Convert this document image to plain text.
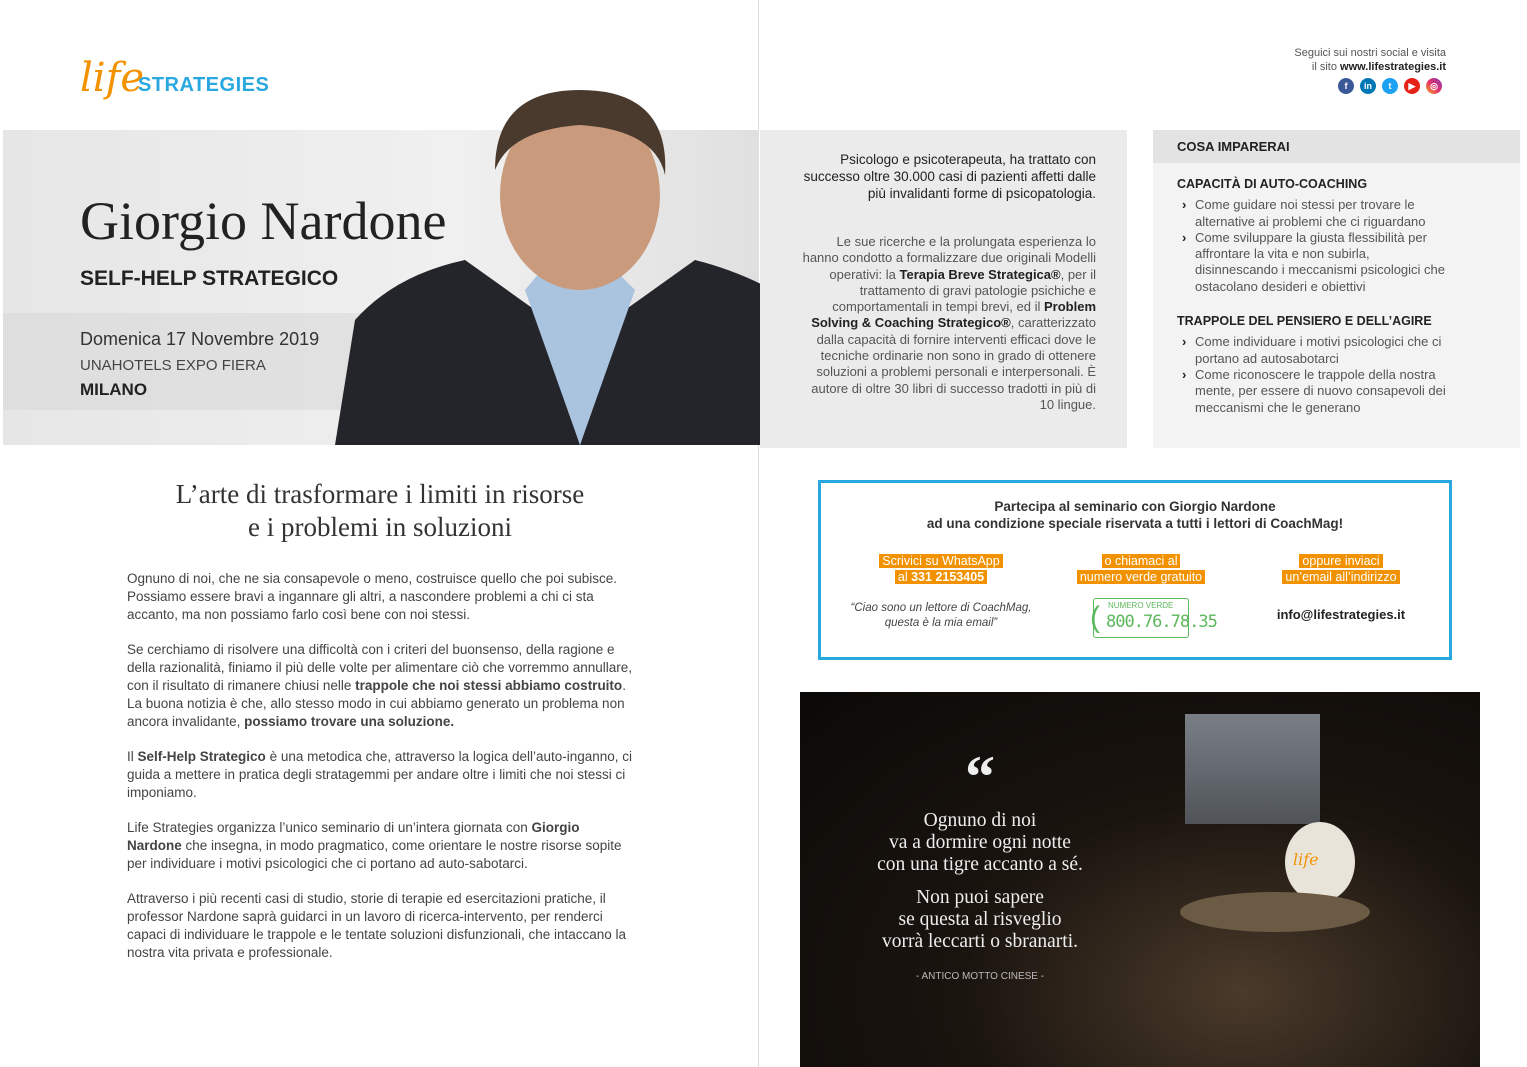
life
STRATEGIES
Giorgio Nardone
SELF-HELP STRATEGICO
Domenica 17 Novembre 2019
UNAHOTELS EXPO FIERA
MILANO
L’arte di trasformare i limiti in risorse
e i problemi in soluzioni

Ognuno di noi, che ne sia consapevole o meno, costruisce quello che poi subisce. Possiamo essere bravi a ingannare gli altri, a nascondere problemi a chi ci sta accanto, ma non possiamo farlo così bene con noi stessi.

Se cerchiamo di risolvere una difficoltà con i criteri del buonsenso, della ragione e della razionalità, finiamo il più delle volte per alimentare ciò che vorremmo annullare, con il risultato di rimanere chiusi nelle trappole che noi stessi abbiamo costruito. La buona notizia è che, allo stesso modo in cui abbiamo generato un problema non ancora invalidante, possiamo trovare una soluzione.

Il Self-Help Strategico è una metodica che, attraverso la logica dell’auto-inganno, ci guida a mettere in pratica degli stratagemmi per andare oltre i limiti che noi stessi ci imponiamo.

Life Strategies organizza l’unico seminario di un’intera giornata con Giorgio Nardone che insegna, in modo pragmatico, come orientare le nostre risorse sopite per individuare i motivi psicologici che ci portano ad auto-sabotarci.

Attraverso i più recenti casi di studio, storie di terapie ed esercitazioni pratiche, il professor Nardone saprà guidarci in un lavoro di ricerca-intervento, per renderci capaci di individuare le trappole e le tentate soluzioni disfunzionali, che intaccano la nostra vita privata e professionale.

Seguici sui nostri social e visita
il sito www.lifestrategies.it
f	in	t	▶	◎
Psicologo e psicoterapeuta, ha trattato con successo oltre 30.000 casi di pazienti affetti dalle più invalidanti forme di psicopatologia.
Le sue ricerche e la prolungata esperienza lo hanno condotto a formalizzare due originali Modelli operativi: la Terapia Breve Strategica®, per il trattamento di gravi patologie psichiche e comportamentali in tempi brevi, ed il Problem Solving & Coaching Strategico®, caratterizzato dalla capacità di fornire interventi efficaci dove le tecniche ordinarie non sono in grado di ottenere soluzioni a problemi personali e interpersonali. È autore di oltre 30 libri di successo tradotti in più di 10 lingue.
COSA IMPARERAI
CAPACITÀ DI AUTO-COACHING
› Come guidare noi stessi per trovare le alternative ai problemi che ci riguardano
› Come sviluppare la giusta flessibilità per affrontare la vita e non subirla, disinnescando i meccanismi psicologici che ostacolano desideri e obiettivi
TRAPPOLE DEL PENSIERO E DELL’AGIRE
› Come individuare i motivi psicologici che ci portano ad autosabotarci
› Come riconoscere le trappole della nostra mente, per essere di nuovo consapevoli dei meccanismi che le generano
Partecipa al seminario con Giorgio Nardone
ad una condizione speciale riservata a tutti i lettori di CoachMag!
Scrivici su WhatsApp
al 331 2153405
“Ciao sono un lettore di CoachMag, questa è la mia email”
o chiamaci al
numero verde gratuito
( NUMERO VERDE
800.76.78.35
oppure inviaci
un’email all’indirizzo
info@lifestrategies.it
life
“
Ognuno di noi
va a dormire ogni notte
con una tigre accanto a sé.
Non puoi sapere
se questa al risveglio
vorrà leccarti o sbranarti.
- ANTICO MOTTO CINESE -
